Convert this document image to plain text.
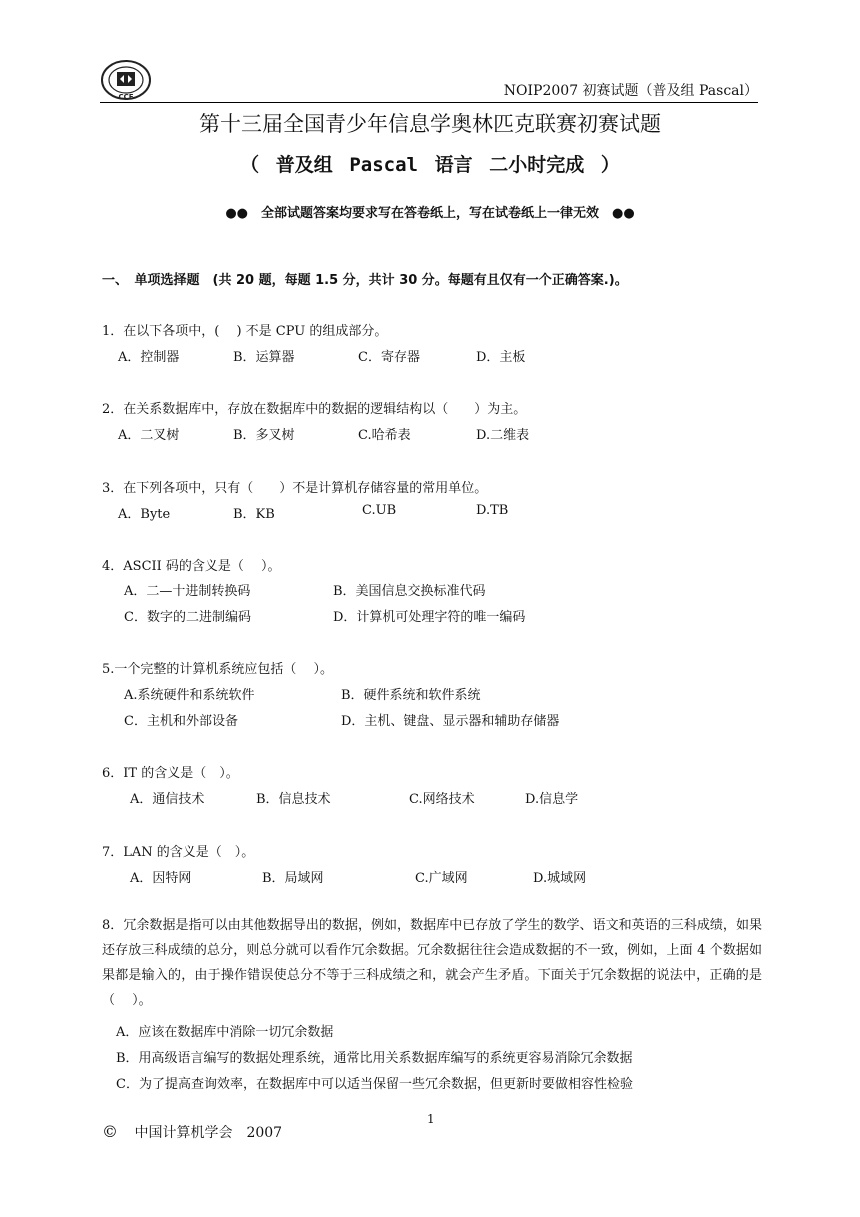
CCF	NOIP2007 初赛试题（普及组 Pascal）
第十三届全国青少年信息学奥林匹克联赛初赛试题
（ 普及组 Pascal 语言 二小时完成 ）
●●　全部试题答案均要求写在答卷纸上，写在试卷纸上一律无效　●●
一、　单项选择题　(共 20 题，每题 1.5 分，共计 30 分。每题有且仅有一个正确答案.)。
1．在以下各项中，(　 ) 不是 CPU 的组成部分。
A．控制器	B．运算器	C．寄存器	D．主板
2．在关系数据库中，存放在数据库中的数据的逻辑结构以（　　）为主。
A．二叉树	B．多叉树	C.哈希表	D.二维表
3．在下列各项中，只有（　　）不是计算机存储容量的常用单位。
A．Byte	B．KB	C.UB	D.TB
4．ASCII 码的含义是（　 ）。
A．二—十进制转换码	B．美国信息交换标准代码
C．数字的二进制编码	D．计算机可处理字符的唯一编码
5.一个完整的计算机系统应包括（　 ）。
A.系统硬件和系统软件	B．硬件系统和软件系统
C．主机和外部设备	D．主机、键盘、显示器和辅助存储器
6．IT 的含义是（　）。
A．通信技术	B．信息技术	C.网络技术	D.信息学
7．LAN 的含义是（　）。
A．因特网	B．局域网	C.广域网	D.城域网
8．冗余数据是指可以由其他数据导出的数据，例如，数据库中已存放了学生的数学、语文和英语的三科成绩，如果还存放三科成绩的总分，则总分就可以看作冗余数据。冗余数据往往会造成数据的不一致，例如，上面 4 个数据如果都是输入的，由于操作错误使总分不等于三科成绩之和，就会产生矛盾。下面关于冗余数据的说法中，正确的是（　 ）。
A．应该在数据库中消除一切冗余数据
B．用高级语言编写的数据处理系统，通常比用关系数据库编写的系统更容易消除冗余数据
C．为了提高查询效率，在数据库中可以适当保留一些冗余数据，但更新时要做相容性检验
1
© 中国计算机学会　2007
